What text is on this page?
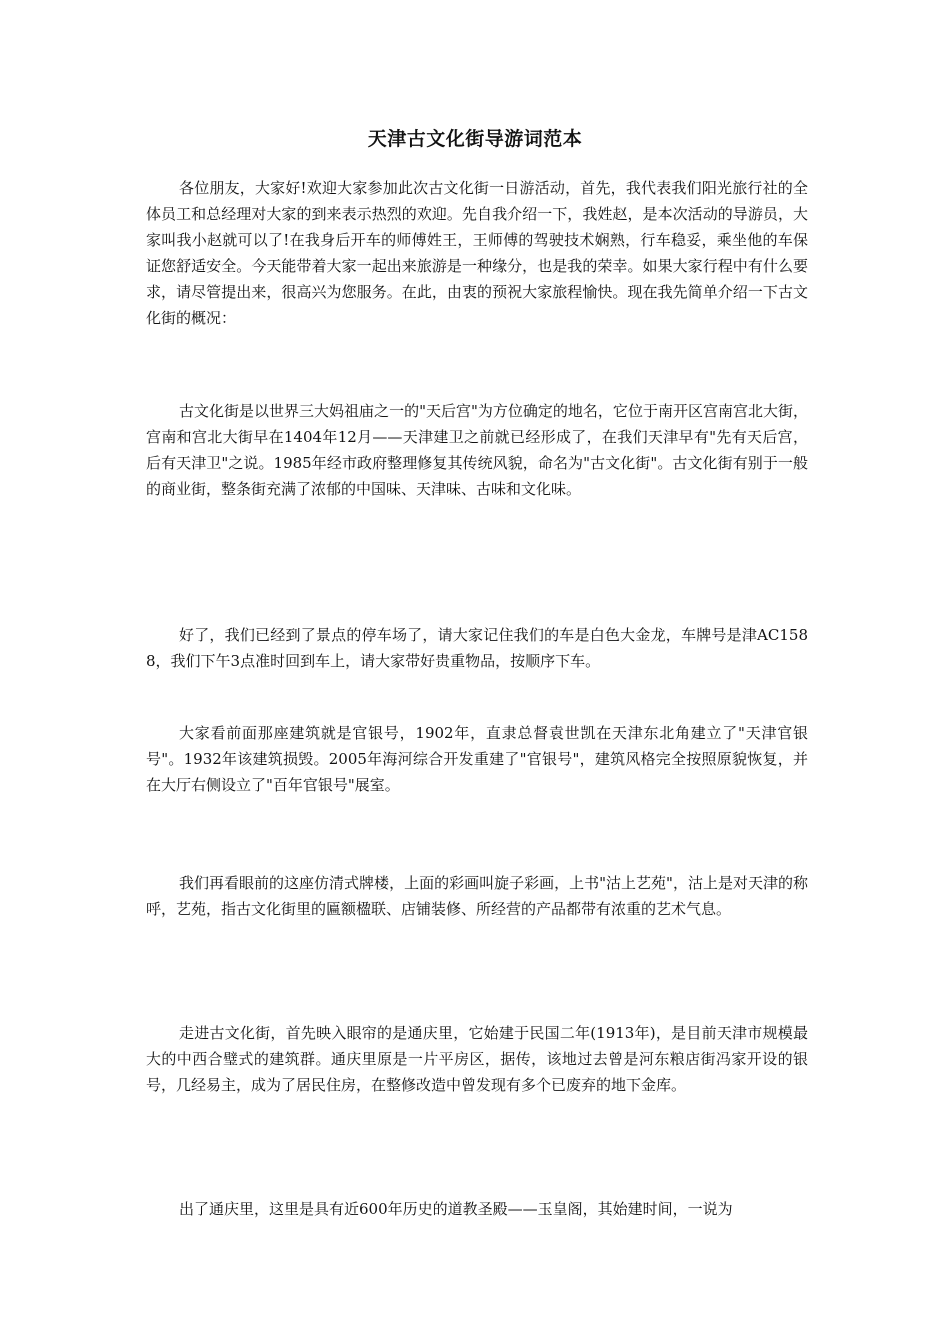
天津古文化街导游词范本

各位朋友，大家好!欢迎大家参加此次古文化街一日游活动，首先，我代表我们阳光旅行社的全体员工和总经理对大家的到来表示热烈的欢迎。先自我介绍一下，我姓赵，是本次活动的导游员，大家叫我小赵就可以了!在我身后开车的师傅姓王，王师傅的驾驶技术娴熟，行车稳妥，乘坐他的车保证您舒适安全。今天能带着大家一起出来旅游是一种缘分，也是我的荣幸。如果大家行程中有什么要求，请尽管提出来，很高兴为您服务。在此，由衷的预祝大家旅程愉快。现在我先简单介绍一下古文化街的概况：

古文化街是以世界三大妈祖庙之一的"天后宫"为方位确定的地名，它位于南开区宫南宫北大街，宫南和宫北大街早在1404年12月——天津建卫之前就已经形成了，在我们天津早有"先有天后宫，后有天津卫"之说。1985年经市政府整理修复其传统风貌，命名为"古文化街"。古文化街有别于一般的商业街，整条街充满了浓郁的中国味、天津味、古味和文化味。

好了，我们已经到了景点的停车场了，请大家记住我们的车是白色大金龙，车牌号是津AC1588，我们下午3点准时回到车上，请大家带好贵重物品，按顺序下车。

大家看前面那座建筑就是官银号，1902年，直隶总督袁世凯在天津东北角建立了"天津官银号"。1932年该建筑损毁。2005年海河综合开发重建了"官银号"，建筑风格完全按照原貌恢复，并在大厅右侧设立了"百年官银号"展室。

我们再看眼前的这座仿清式牌楼，上面的彩画叫旋子彩画，上书"沽上艺苑"，沽上是对天津的称呼，艺苑，指古文化街里的匾额楹联、店铺装修、所经营的产品都带有浓重的艺术气息。

走进古文化街，首先映入眼帘的是通庆里，它始建于民国二年(1913年)，是目前天津市规模最大的中西合璧式的建筑群。通庆里原是一片平房区，据传，该地过去曾是河东粮店街冯家开设的银号，几经易主，成为了居民住房，在整修改造中曾发现有多个已废弃的地下金库。

出了通庆里，这里是具有近600年历史的道教圣殿——玉皇阁，其始建时间，一说为
